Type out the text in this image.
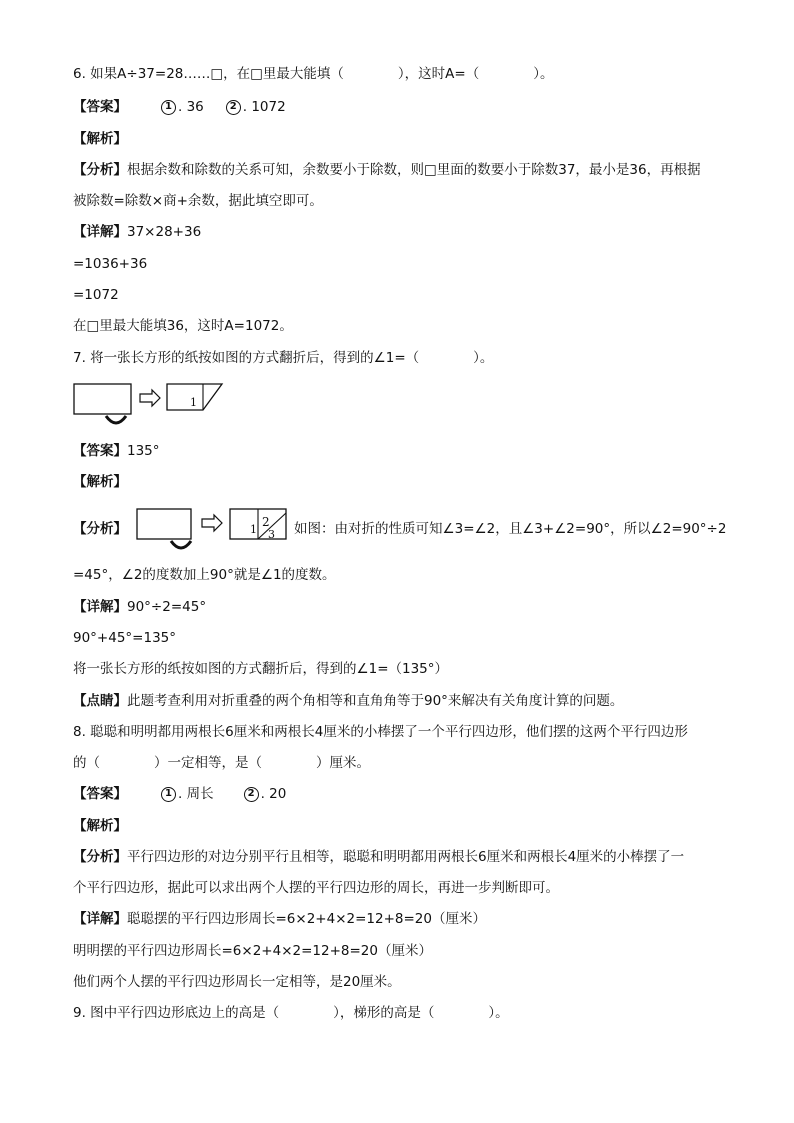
6. 如果A÷37=28……□，在□里最大能填（　　　　），这时A=（　　　　）。
【答案】	1 . 36	2 . 1072
【解析】
【分析】根据余数和除数的关系可知，余数要小于除数，则□里面的数要小于除数37，最小是36，再根据
被除数=除数×商+余数，据此填空即可。
【详解】37×28+36
=1036+36
=1072
在□里最大能填36，这时A=1072。
7. 将一张长方形的纸按如图的方式翻折后，得到的∠1=（　　　　）。
1
【答案】135°
【解析】
【分析】	1
2
3 如图：由对折的性质可知∠3=∠2，且∠3+∠2=90°，所以∠2=90°÷2
=45°，∠2的度数加上90°就是∠1的度数。
【详解】90°÷2=45°
90°+45°=135°
将一张长方形的纸按如图的方式翻折后，得到的∠1=（135°）
【点睛】此题考查利用对折重叠的两个角相等和直角角等于90°来解决有关角度计算的问题。
8. 聪聪和明明都用两根长6厘米和两根长4厘米的小棒摆了一个平行四边形，他们摆的这两个平行四边形
的（　　　　）一定相等，是（　　　　）厘米。
【答案】	1 . 周长	2 . 20
【解析】
【分析】平行四边形的对边分别平行且相等，聪聪和明明都用两根长6厘米和两根长4厘米的小棒摆了一
个平行四边形，据此可以求出两个人摆的平行四边形的周长，再进一步判断即可。
【详解】聪聪摆的平行四边形周长=6×2+4×2=12+8=20（厘米）
明明摆的平行四边形周长=6×2+4×2=12+8=20（厘米）
他们两个人摆的平行四边形周长一定相等，是20厘米。
9. 图中平行四边形底边上的高是（　　　　），梯形的高是（　　　　）。
